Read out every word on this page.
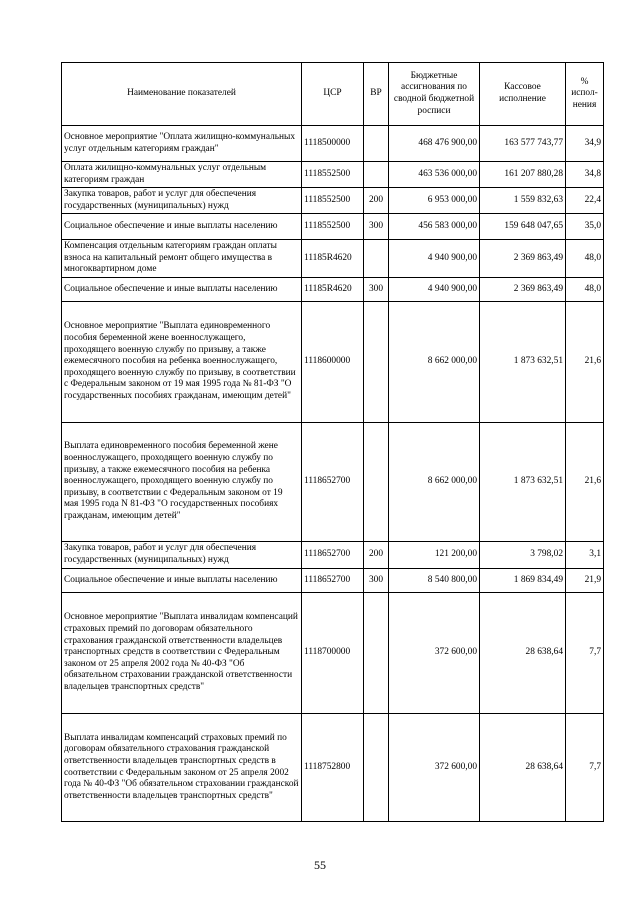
Наименование показателей	ЦСР	ВР	Бюджетные ассигнования по сводной бюджетной росписи	Кассовое исполнение	% испол-нения
Основное мероприятие "Оплата жилищно-коммунальных услуг отдельным категориям граждан"	1118500000		468 476 900,00	163 577 743,77	34,9
Оплата жилищно-коммунальных услуг отдельным категориям граждан	1118552500		463 536 000,00	161 207 880,28	34,8
Закупка товаров, работ и услуг для обеспечения государственных (муниципальных) нужд	1118552500	200	6 953 000,00	1 559 832,63	22,4
Социальное обеспечение и иные выплаты населению	1118552500	300	456 583 000,00	159 648 047,65	35,0
Компенсация отдельным категориям граждан оплаты взноса на капитальный ремонт общего имущества в многоквартирном доме	11185R4620		4 940 900,00	2 369 863,49	48,0
Социальное обеспечение и иные выплаты населению	11185R4620	300	4 940 900,00	2 369 863,49	48,0
Основное мероприятие "Выплата единовременного пособия беременной жене военнослужащего, проходящего военную службу по призыву, а также ежемесячного пособия на ребенка военнослужащего, проходящего военную службу по призыву, в соответствии с Федеральным законом от 19 мая 1995 года № 81-ФЗ "О государственных пособиях гражданам, имеющим детей"	1118600000		8 662 000,00	1 873 632,51	21,6
Выплата единовременного пособия беременной жене военнослужащего, проходящего военную службу по призыву, а также ежемесячного пособия на ребенка военнослужащего, проходящего военную службу по призыву, в соответствии с Федеральным законом от 19 мая 1995 года N 81-ФЗ "О государственных пособиях гражданам, имеющим детей"	1118652700		8 662 000,00	1 873 632,51	21,6
Закупка товаров, работ и услуг для обеспечения государственных (муниципальных) нужд	1118652700	200	121 200,00	3 798,02	3,1
Социальное обеспечение и иные выплаты населению	1118652700	300	8 540 800,00	1 869 834,49	21,9
Основное мероприятие "Выплата инвалидам компенсаций страховых премий по договорам обязательного страхования гражданской ответственности владельцев транспортных средств в соответствии с Федеральным законом от 25 апреля 2002 года № 40-ФЗ "Об обязательном страховании гражданской ответственности владельцев транспортных средств"	1118700000		372 600,00	28 638,64	7,7
Выплата инвалидам компенсаций страховых премий по договорам обязательного страхования гражданской ответственности владельцев транспортных средств в соответствии с Федеральным законом от 25 апреля 2002 года № 40-ФЗ "Об обязательном страховании гражданской ответственности владельцев транспортных средств"	1118752800		372 600,00	28 638,64	7,7
55
